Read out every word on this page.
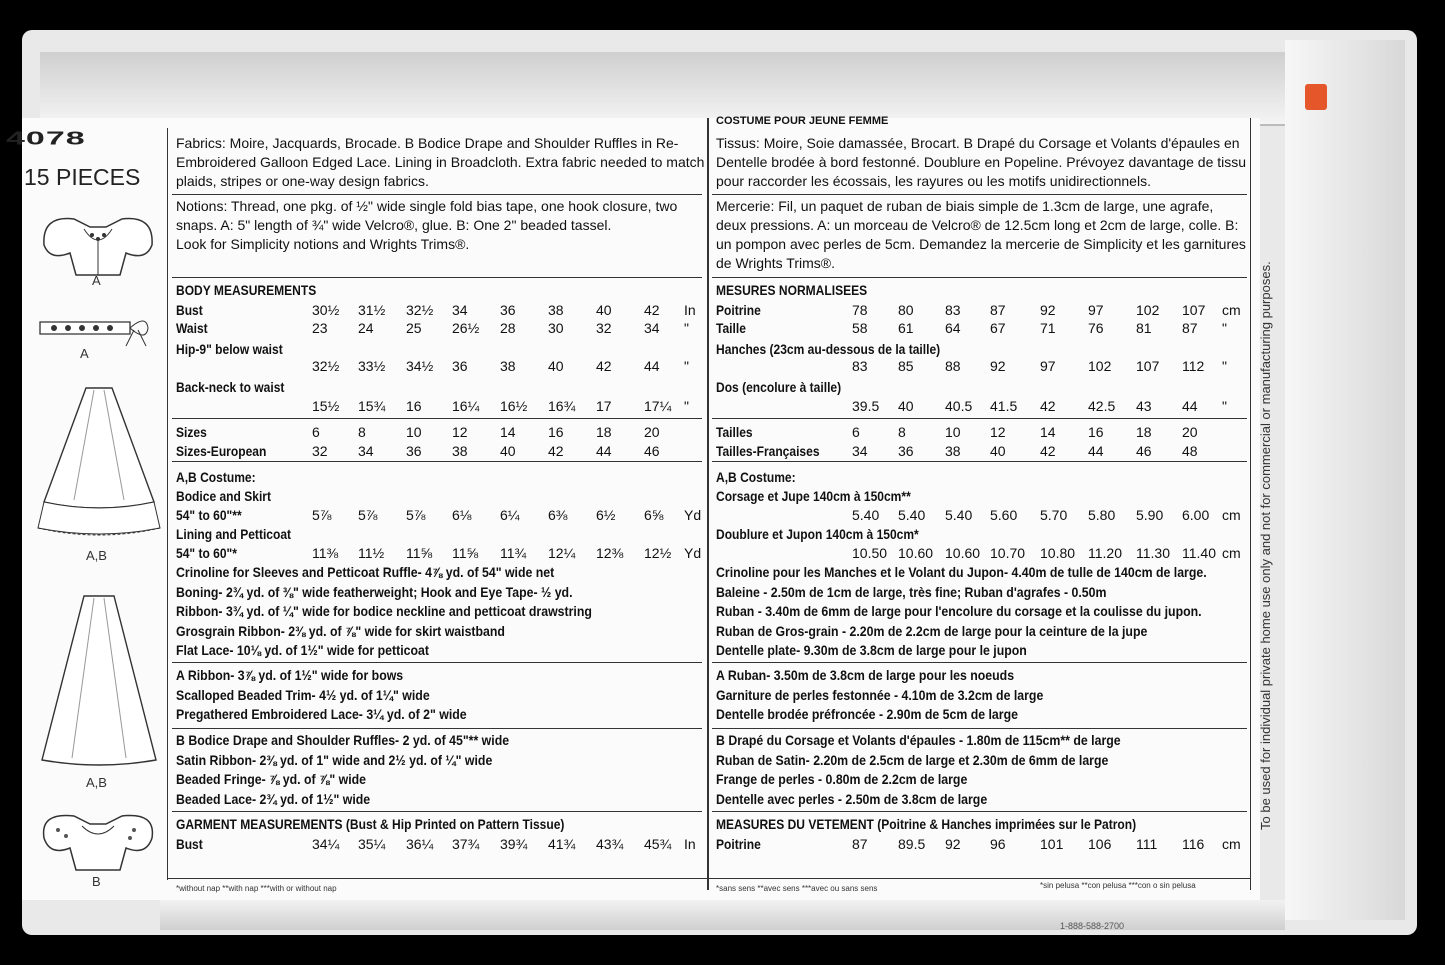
4078
15 PIECES
A
A
A,B
A,B
B
Fabrics: Moire, Jacquards, Brocade. B Bodice Drape and Shoulder Ruffles in Re-
Embroidered Galloon Edged Lace. Lining in Broadcloth. Extra fabric needed to match
plaids, stripes or one-way design fabrics.
Notions: Thread, one pkg. of ½" wide single fold bias tape, one hook closure, two
snaps. A: 5" length of ¾" wide Velcro®, glue. B: One 2" beaded tassel.
Look for Simplicity notions and Wrights Trims®.
BODY MEASUREMENTS
Bust	30½ 31½ 32½ 34 36 38 40 42 In
Waist	23 24 25 26½ 28 30 32 34 "
Hip-9" below waist
32½ 33½ 34½ 36 38 40 42 44 "
Back-neck to waist
15½ 15¾ 16 16¼ 16½ 16¾ 17 17¼ "
Sizes	6	8	10 12 14 16 18 20
Sizes-European	32 34 36 38 40 42 44 46
A,B Costume:
Bodice and Skirt
54" to 60"**	5⅞ 5⅞ 5⅞ 6⅛ 6¼ 6⅜ 6½ 6⅝ Yd
Lining and Petticoat
54" to 60"*	11⅜ 11½ 11⅝ 11⅝ 11¾ 12¼ 12⅜ 12½ Yd
Crinoline for Sleeves and Petticoat Ruffle- 4⅞ yd. of 54" wide net
Boning- 2¾ yd. of ⅜" wide featherweight; Hook and Eye Tape- ½ yd.
Ribbon- 3¾ yd. of ¼" wide for bodice neckline and petticoat drawstring
Grosgrain Ribbon- 2⅜ yd. of ⅞" wide for skirt waistband
Flat Lace- 10⅛ yd. of 1½" wide for petticoat
A Ribbon- 3⅞ yd. of 1½" wide for bows
Scalloped Beaded Trim- 4½ yd. of 1¼" wide
Pregathered Embroidered Lace- 3¼ yd. of 2" wide
B Bodice Drape and Shoulder Ruffles- 2 yd. of 45"** wide
Satin Ribbon- 2⅜ yd. of 1" wide and 2½ yd. of ¼" wide
Beaded Fringe- ⅞ yd. of ⅞" wide
Beaded Lace- 2¾ yd. of 1½" wide
GARMENT MEASUREMENTS (Bust & Hip Printed on Pattern Tissue)
Bust	34¼ 35¼ 36¼ 37¾ 39¾ 41¾ 43¾ 45¾ In
*without nap **with nap ***with or without nap
COSTUME POUR JEUNE FEMME
Tissus: Moire, Soie damassée, Brocart. B Drapé du Corsage et Volants d'épaules en
Dentelle brodée à bord festonné. Doublure en Popeline. Prévoyez davantage de tissu
pour raccorder les écossais, les rayures ou les motifs unidirectionnels.
Mercerie: Fil, un paquet de ruban de biais simple de 1.3cm de large, une agrafe,
deux pressions. A: un morceau de Velcro® de 12.5cm long et 2cm de large, colle. B:
un pompon avec perles de 5cm. Demandez la mercerie de Simplicity et les garnitures
de Wrights Trims®.
MESURES NORMALISEES
Poitrine	78 80 83 87 92 97 102 107 cm
Taille	58 61 64 67 71 76 81 87 "
Hanches (23cm au-dessous de la taille)
83 85 88 92 97 102 107 112 "
Dos (encolure à taille)
39.5 40 40.5 41.5 42 42.5 43 44 "
Tailles	6	8	10 12 14 16 18 20
Tailles-Françaises 34 36 38 40 42 44 46 48
A,B Costume:
Corsage et Jupe 140cm à 150cm**
5.40 5.40 5.40 5.60 5.70 5.80 5.90 6.00 cm
Doublure et Jupon 140cm à 150cm*
10.50 10.60 10.60 10.70 10.80 11.20 11.30 11.40 cm
Crinoline pour les Manches et le Volant du Jupon- 4.40m de tulle de 140cm de large.
Baleine - 2.50m de 1cm de large, très fine; Ruban d'agrafes - 0.50m
Ruban - 3.40m de 6mm de large pour l'encolure du corsage et la coulisse du jupon.
Ruban de Gros-grain - 2.20m de 2.2cm de large pour la ceinture de la jupe
Dentelle plate- 9.30m de 3.8cm de large pour le jupon
A Ruban- 3.50m de 3.8cm de large pour les noeuds
Garniture de perles festonnée - 4.10m de 3.2cm de large
Dentelle brodée préfroncée - 2.90m de 5cm de large
B Drapé du Corsage et Volants d'épaules - 1.80m de 115cm** de large
Ruban de Satin- 2.20m de 2.5cm de large et 2.30m de 6mm de large
Frange de perles - 0.80m de 2.2cm de large
Dentelle avec perles - 2.50m de 3.8cm de large
MEASURES DU VETEMENT (Poitrine & Hanches imprimées sur le Patron)
Poitrine	87 89.5 92 96 101 106 111 116 cm
*sans sens **avec sens ***avec ou sans sens	*sin pelusa **con pelusa ***con o sin pelusa
To be used for individual private home use only and not for commercial or manufacturing purposes.
1-888-588-2700
